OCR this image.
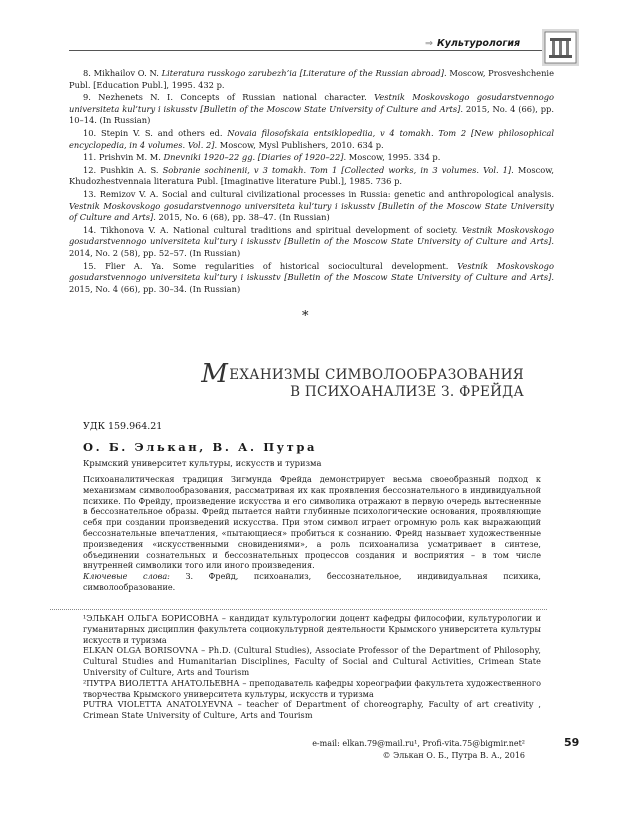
⇒ Культурология

8. Mikhailov O. N. Literatura russkogo zarubezh’ia [Literature of the Russian abroad]. Moscow, Prosveshchenie Publ. [Education Publ.], 1995. 432 p.

9. Nezhenets N. I. Concepts of Russian national character. Vestnik Moskovskogo gosudarstvennogo universiteta kul’tury i iskusstv [Bulletin of the Moscow State University of Culture and Arts]. 2015, No. 4 (66), pp. 10–14. (In Russian)

10. Stepin V. S. and others ed. Novaia filosofskaia entsiklopediia, v 4 tomakh. Tom 2 [New philosophical encyclopedia, in 4 volumes. Vol. 2]. Moscow, Mysl Publishers, 2010. 634 p.

11. Prishvin M. M. Dnevniki 1920–22 gg. [Diaries of 1920–22]. Moscow, 1995. 334 p.

12. Pushkin A. S. Sobranie sochinenii, v 3 tomakh. Tom 1 [Collected works, in 3 volumes. Vol. 1]. Moscow, Khudozhestvennaia literatura Publ. [Imaginative literature Publ.], 1985. 736 p.

13. Remizov V. A. Social and cultural civilizational processes in Russia: genetic and anthropological analysis. Vestnik Moskovskogo gosudarstvennogo universiteta kul’tury i iskusstv [Bulletin of the Moscow State University of Culture and Arts]. 2015, No. 6 (68), pp. 38–47. (In Russian)

14. Tikhonova V. A. National cultural traditions and spiritual development of society. Vestnik Moskovskogo gosudarstvennogo universiteta kul’tury i iskusstv [Bulletin of the Moscow State University of Culture and Arts]. 2014, No. 2 (58), pp. 52–57. (In Russian)

15. Flier A. Ya. Some regularities of historical sociocultural development. Vestnik Moskovskogo gosudarstvennogo universiteta kul’tury i iskusstv [Bulletin of the Moscow State University of Culture and Arts]. 2015, No. 4 (66), pp. 30–34. (In Russian)

*
МЕХАНИЗМЫ СИМВОЛООБРАЗОВАНИЯ
В ПСИХОАНАЛИЗЕ З. ФРЕЙДА
УДК 159.964.21
О. Б. Элькан, В. А. Путра
Крымский университет культуры, искусств и туризма

Психоаналитическая традиция Зигмунда Фрейда демонстрирует весьма своеобразный подход к механизмам символообразования, рассматривая их как проявления бессознательного в индивидуальной психике. По Фрейду, произведение искусства и его символика отражают в первую очередь вытесненные в бессознательное образы. Фрейд пытается найти глубинные психологические основания, проявляющие себя при создании произведений искусства. При этом символ играет огромную роль как выражающий бессознательные впечатления, «пытающиеся» пробиться к сознанию. Фрейд называет художественные произведения «искусственными сновидениями», а роль психоанализа усматривает в синтезе, объединении сознательных и бессознательных процессов создания и восприятия – в том числе внутренней символики того или иного произведения.

Ключевые слова: З. Фрейд, психоанализ, бессознательное, индивидуальная психика, символообразование.

¹ЭЛЬКАН ОЛЬГА БОРИСОВНА – кандидат культурологии доцент кафедры философии, культурологии и гуманитарных дисциплин факультета социокультурной деятельности Крымского университета культуры искусств и туризма

ELKAN OLGA BORISOVNA – Ph.D. (Cultural Studies), Associate Professor of the Department of Philosophy, Cultural Studies and Humanitarian Disciplines, Faculty of Social and Cultural Activities, Crimean State University of Culture, Arts and Tourism

²ПУТРА ВИОЛЕТТА АНАТОЛЬЕВНА – преподаватель кафедры хореографии факультета художественного творчества Крымского университета культуры, искусств и туризма

PUTRA VIOLETTA ANATOLYEVNA – teacher of Department of choreography, Faculty of art creativity , Crimean State University of Culture, Arts and Tourism

e-mail: elkan.79@mail.ru¹, Profi-vita.75@bigmir.net²
© Элькан О. Б., Путра В. А., 2016
59
